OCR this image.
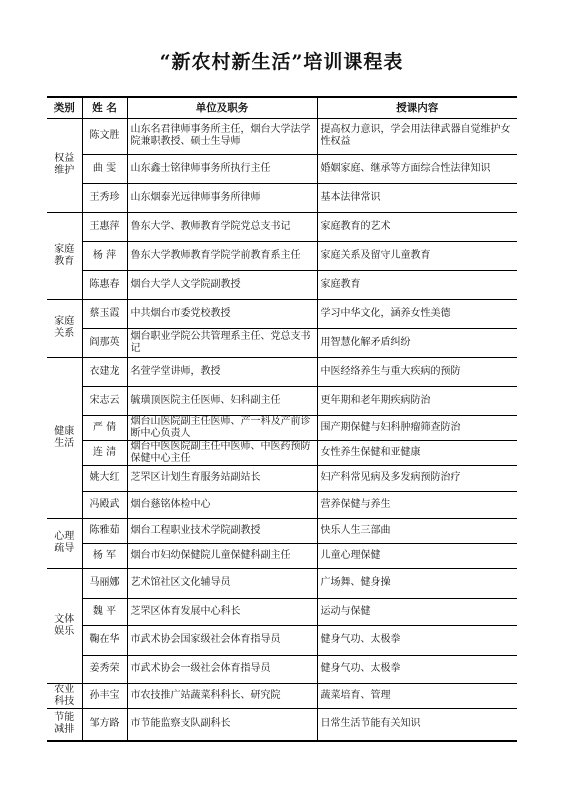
“新农村新生活”培训课程表
类别	姓 名	单位及职务	授课内容
权益维护	陈文胜	山东名君律师事务所主任，烟台大学法学院兼职教授、硕士生导师	提高权力意识，学会用法律武器自觉维护女性权益
	曲 雯	山东鑫士铭律师事务所执行主任	婚姻家庭、继承等方面综合性法律知识
	王秀珍	山东烟泰光远律师事务所律师	基本法律常识
家庭教育	王惠萍	鲁东大学、教师教育学院党总支书记	家庭教育的艺术
	杨 萍	鲁东大学教师教育学院学前教育系主任	家庭关系及留守儿童教育
	陈惠春	烟台大学人文学院副教授	家庭教育
家庭关系	蔡玉霞	中共烟台市委党校教授	学习中华文化，涵养女性美德
	阎那英	烟台职业学院公共管理系主任、党总支书记	用智慧化解矛盾纠纷
健康生活	衣建龙	名萱学堂讲师，教授	中医经络养生与重大疾病的预防
	宋志云	毓璜顶医院主任医师、妇科副主任	更年期和老年期疾病防治
	严 倩	烟台山医院副主任医师、产一科及产前诊断中心负责人	围产期保健与妇科肿瘤筛查防治
	连 清	烟台中医医院副主任中医师、中医药预防保健中心主任	女性养生保健和亚健康
	姚大红	芝罘区计划生育服务站副站长	妇产科常见病及多发病预防治疗
	冯殿武	烟台慈铭体检中心	营养保健与养生
心理疏导	陈雅茹	烟台工程职业技术学院副教授	快乐人生三部曲
	杨 军	烟台市妇幼保健院儿童保健科副主任	儿童心理保健
文体娱乐	马丽娜	艺术馆社区文化辅导员	广场舞、健身操
	魏 平	芝罘区体育发展中心科长	运动与保健
	鞠在华	市武术协会国家级社会体育指导员	健身气功、太极拳
	姜秀荣	市武术协会一级社会体育指导员	健身气功、太极拳
农业科技	孙丰宝	市农技推广站蔬菜科科长、研究院	蔬菜培育、管理
节能减排	邹方路	市节能监察支队副科长	日常生活节能有关知识
